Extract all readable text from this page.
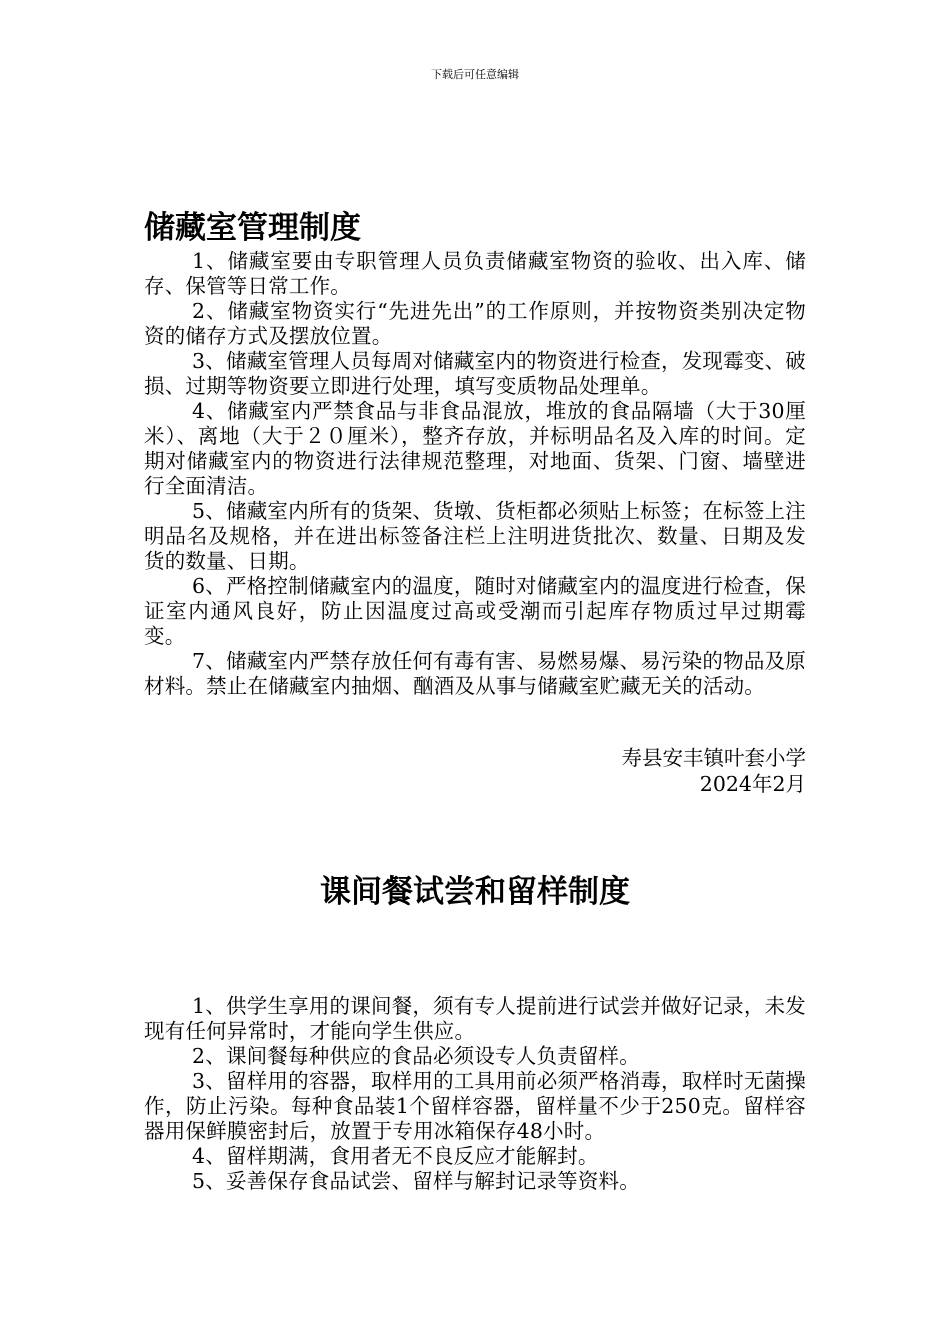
下载后可任意编辑
储藏室管理制度

1、储藏室要由专职管理人员负责储藏室物资的验收、出入库、储存、保管等日常工作。

2、储藏室物资实行“先进先出”的工作原则，并按物资类别决定物资的储存方式及摆放位置。

3、储藏室管理人员每周对储藏室内的物资进行检查，发现霉变、破损、过期等物资要立即进行处理，填写变质物品处理单。

4、储藏室内严禁食品与非食品混放，堆放的食品隔墙（大于30厘米）、离地（大于２０厘米），整齐存放，并标明品名及入库的时间。定期对储藏室内的物资进行法律规范整理，对地面、货架、门窗、墙壁进行全面清洁。

5、储藏室内所有的货架、货墩、货柜都必须贴上标签；在标签上注明品名及规格，并在进出标签备注栏上注明进货批次、数量、日期及发货的数量、日期。

6、严格控制储藏室内的温度，随时对储藏室内的温度进行检查，保证室内通风良好，防止因温度过高或受潮而引起库存物质过早过期霉变。

7、储藏室内严禁存放任何有毒有害、易燃易爆、易污染的物品及原材料。禁止在储藏室内抽烟、酗酒及从事与储藏室贮藏无关的活动。

寿县安丰镇叶套小学
2024年2月
课间餐试尝和留样制度

1、供学生享用的课间餐，须有专人提前进行试尝并做好记录，未发现有任何异常时，才能向学生供应。

2、课间餐每种供应的食品必须设专人负责留样。

3、留样用的容器，取样用的工具用前必须严格消毒，取样时无菌操作，防止污染。每种食品装1个留样容器，留样量不少于250克。留样容器用保鲜膜密封后，放置于专用冰箱保存48小时。

4、留样期满，食用者无不良反应才能解封。

5、妥善保存食品试尝、留样与解封记录等资料。
